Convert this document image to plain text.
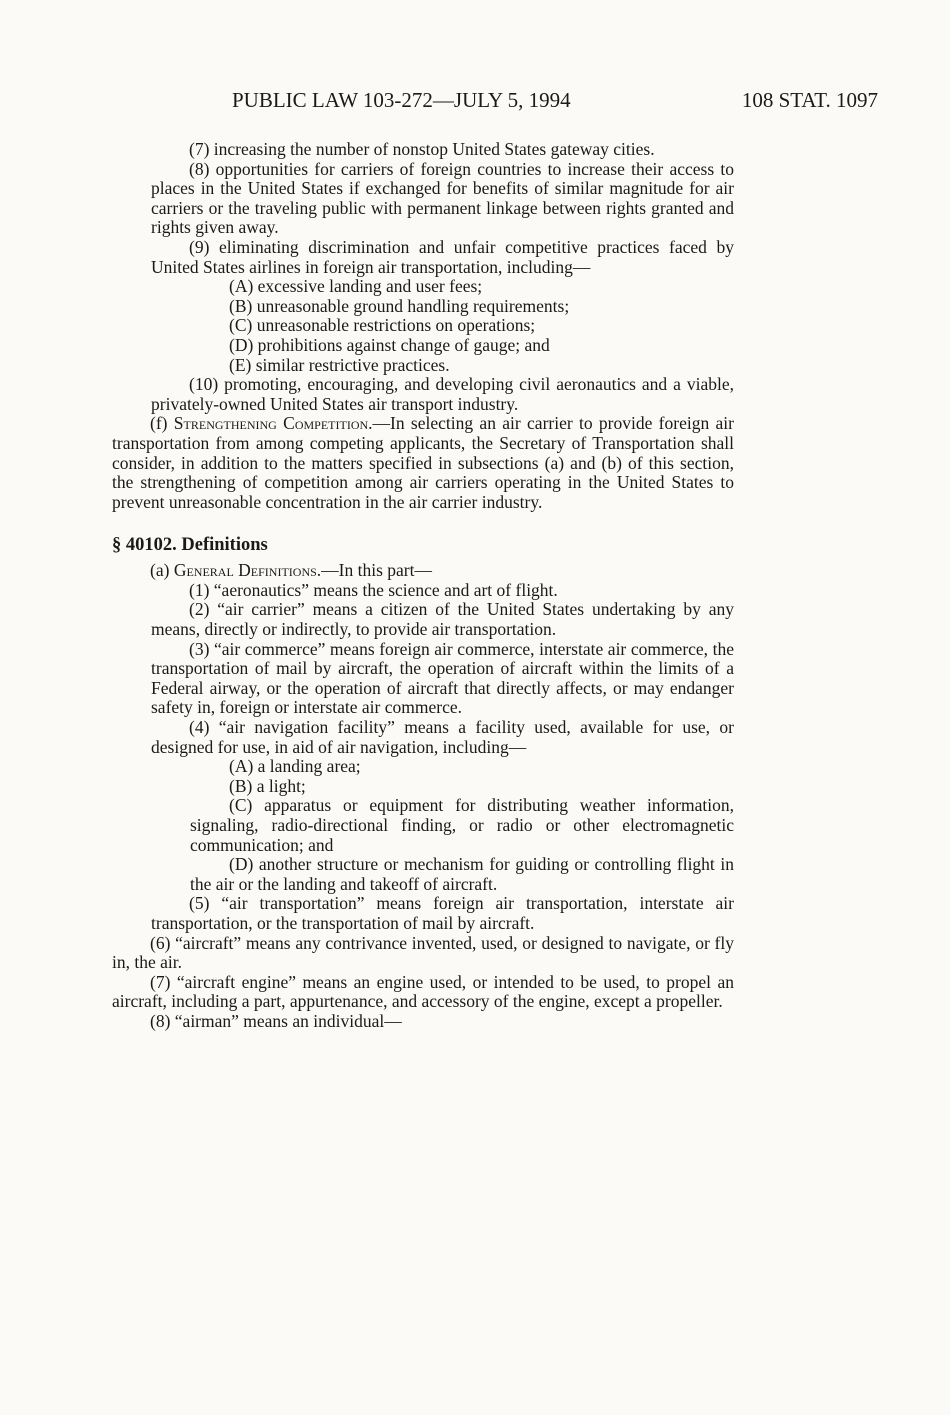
PUBLIC LAW 103-272—JULY 5, 1994	108 STAT. 1097

(7) increasing the number of nonstop United States gateway cities.

(8) opportunities for carriers of foreign countries to increase their access to places in the United States if exchanged for benefits of similar magnitude for air carriers or the traveling public with permanent linkage between rights granted and rights given away.

(9) eliminating discrimination and unfair competitive practices faced by United States airlines in foreign air transportation, including—

(A) excessive landing and user fees;

(B) unreasonable ground handling requirements;

(C) unreasonable restrictions on operations;

(D) prohibitions against change of gauge; and

(E) similar restrictive practices.

(10) promoting, encouraging, and developing civil aeronautics and a viable, privately-owned United States air transport industry.

(f) Strengthening Competition.—In selecting an air carrier to provide foreign air transportation from among competing applicants, the Secretary of Transportation shall consider, in addition to the matters specified in subsections (a) and (b) of this section, the strengthening of competition among air carriers operating in the United States to prevent unreasonable concentration in the air carrier industry.

§ 40102. Definitions

(a) General Definitions.—In this part—

(1) “aeronautics” means the science and art of flight.

(2) “air carrier” means a citizen of the United States undertaking by any means, directly or indirectly, to provide air transportation.

(3) “air commerce” means foreign air commerce, interstate air commerce, the transportation of mail by aircraft, the operation of aircraft within the limits of a Federal airway, or the operation of aircraft that directly affects, or may endanger safety in, foreign or interstate air commerce.

(4) “air navigation facility” means a facility used, available for use, or designed for use, in aid of air navigation, including—

(A) a landing area;

(B) a light;

(C) apparatus or equipment for distributing weather information, signaling, radio-directional finding, or radio or other electromagnetic communication; and

(D) another structure or mechanism for guiding or controlling flight in the air or the landing and takeoff of aircraft.

(5) “air transportation” means foreign air transportation, interstate air transportation, or the transportation of mail by aircraft.

(6) “aircraft” means any contrivance invented, used, or designed to navigate, or fly in, the air.

(7) “aircraft engine” means an engine used, or intended to be used, to propel an aircraft, including a part, appurtenance, and accessory of the engine, except a propeller.

(8) “airman” means an individual—
